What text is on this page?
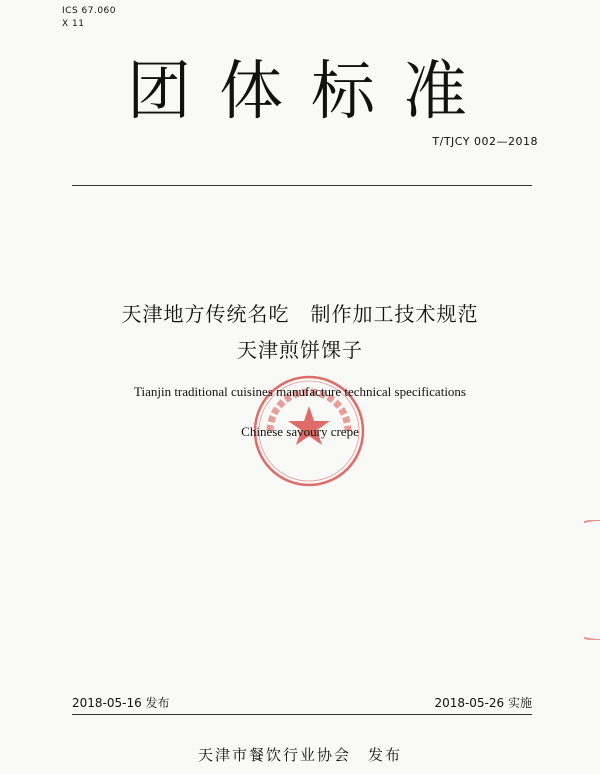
ICS 67.060
X 11
团体标准
T/TJCY 002—2018
天津地方传统名吃　制作加工技术规范
天津煎饼馃子
Tianjin traditional cuisines manufacture technical specifications
Chinese savoury crepe
2018-05-16 发布	2018-05-26 实施
天津市餐饮行业协会　发布
